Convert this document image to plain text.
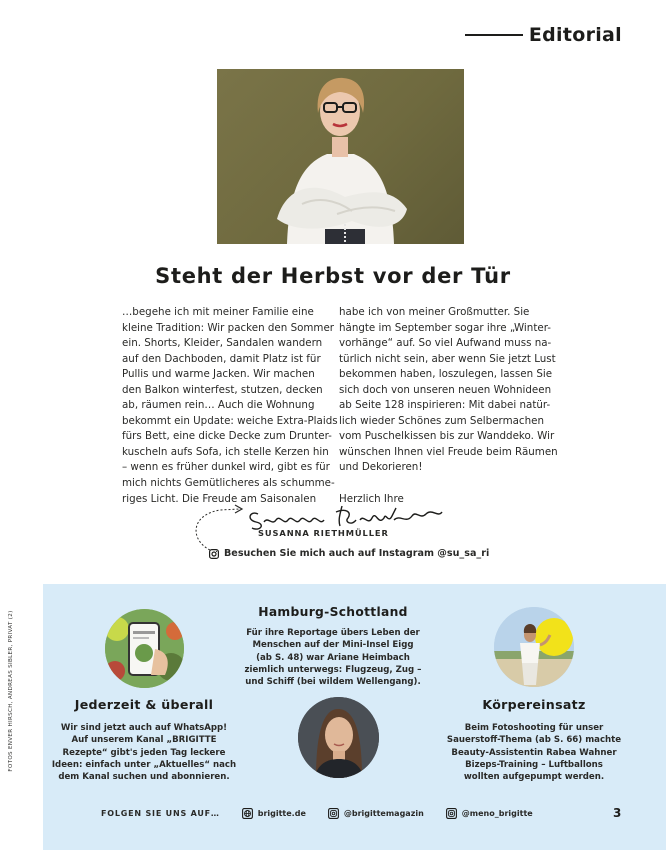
Editorial
Steht der Herbst vor der Tür
…begehe ich mit meiner Familie eine
kleine Tradition: Wir packen den Sommer
ein. Shorts, Kleider, Sandalen wandern
auf den Dachboden, damit Platz ist für
Pullis und warme Jacken. Wir machen
den Balkon winterfest, stutzen, decken
ab, räumen rein… Auch die Wohnung
bekommt ein Update: weiche Extra-Plaids
fürs Bett, eine dicke Decke zum Drunter-
kuscheln aufs Sofa, ich stelle Kerzen hin
– wenn es früher dunkel wird, gibt es für
mich nichts Gemütlicheres als schumme-
riges Licht. Die Freude am Saisonalen
habe ich von meiner Großmutter. Sie
hängte im September sogar ihre „Winter-
vorhänge“ auf. So viel Aufwand muss na-
türlich nicht sein, aber wenn Sie jetzt Lust
bekommen haben, loszulegen, lassen Sie
sich doch von unseren neuen Wohnideen
ab Seite 128 inspirieren: Mit dabei natür-
lich wieder Schönes zum Selbermachen
vom Puschelkissen bis zur Wanddeko. Wir
wünschen Ihnen viel Freude beim Räumen
und Dekorieren!
Herzlich Ihre
SUSANNA RIETHMÜLLER
Besuchen Sie mich auch auf Instagram @su_sa_ri
FOTOS ENVER HIRSCH, ANDREAS SIBLER, PRIVAT (2)	Hamburg-Schottland
Für ihre Reportage übers Leben der
Menschen auf der Mini-Insel Eigg
(ab S. 48) war Ariane Heimbach
ziemlich unterwegs: Flugzeug, Zug –
und Schiff (bei wildem Wellengang).
Jederzeit & überall
Wir sind jetzt auch auf WhatsApp!
Auf unserem Kanal „BRIGITTE
Rezepte“ gibt's jeden Tag leckere
Ideen: einfach unter „Aktuelles“ nach
dem Kanal suchen und abonnieren.
Körpereinsatz
Beim Fotoshooting für unser
Sauerstoff-Thema (ab S. 66) machte
Beauty-Assistentin Rabea Wahner
Bizeps-Training – Luftballons
wollten aufgepumpt werden.
FOLGEN SIE UNS AUF…	brigitte.de	@brigittemagazin	@meno_brigitte	3
